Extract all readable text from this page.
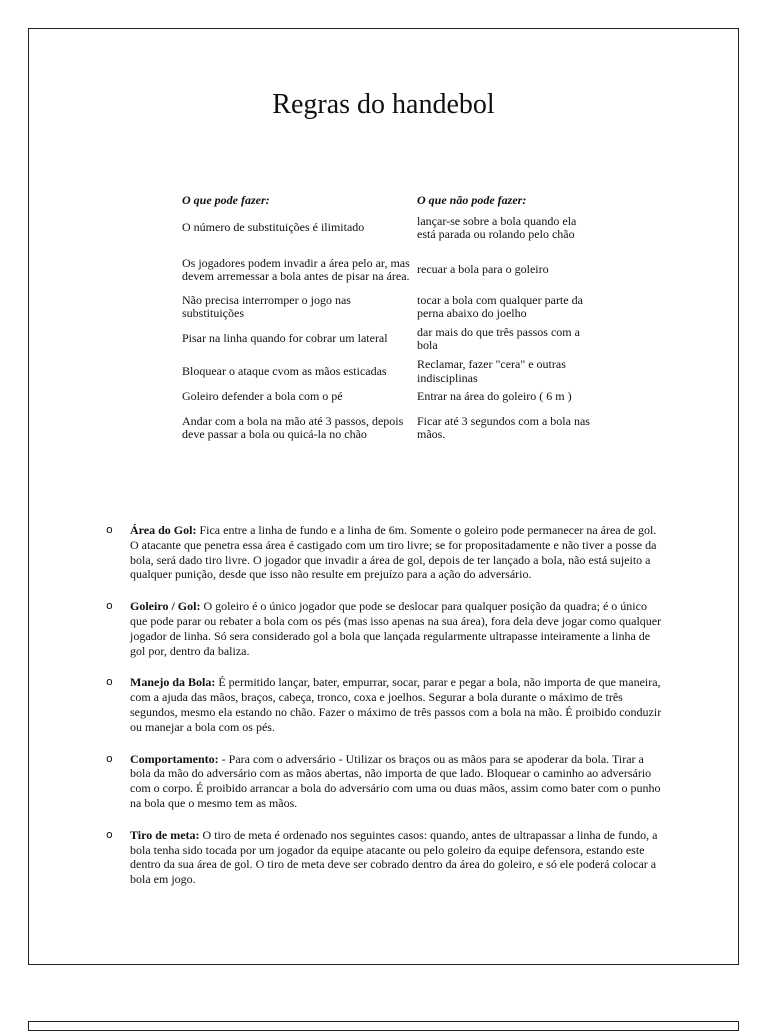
Regras do handebol
O que pode fazer:	O que não pode fazer:
O número de substituições é ilimitado	lançar-se sobre a bola quando ela está parada ou rolando pelo chão
Os jogadores podem invadir a área pelo ar, mas devem arremessar a bola antes de pisar na área.	recuar a bola para o goleiro
Não precisa interromper o jogo nas substituições	tocar a bola com qualquer parte da perna abaixo do joelho
Pisar na linha quando for cobrar um lateral	dar mais do que três passos com a bola
Bloquear o ataque cvom as mãos esticadas	Reclamar, fazer "cera" e outras indisciplinas
Goleiro defender a bola com o pé	Entrar na área do goleiro ( 6 m )
Andar com a bola na mão até 3 passos, depois deve passar a bola ou quicá-la no chão	Ficar até 3 segundos com a bola nas mãos.
o Área do Gol: Fica entre a linha de fundo e a linha de 6m. Somente o goleiro pode permanecer na área de gol. O atacante que penetra essa área é castigado com um tiro livre; se for propositadamente e não tiver a posse da bola, será dado tiro livre. O jogador que invadir a área de gol, depois de ter lançado a bola, não está sujeito a qualquer punição, desde que isso não resulte em prejuízo para a ação do adversário.
o Goleiro / Gol: O goleiro é o único jogador que pode se deslocar para qualquer posição da quadra; é o único que pode parar ou rebater a bola com os pés (mas isso apenas na sua área), fora dela deve jogar como qualquer jogador de linha. Só sera considerado gol a bola que lançada regularmente ultrapasse inteiramente a linha de gol por, dentro da baliza.
o Manejo da Bola: É permitido lançar, bater, empurrar, socar, parar e pegar a bola, não importa de que maneira, com a ajuda das mãos, braços, cabeça, tronco, coxa e joelhos. Segurar a bola durante o máximo de três segundos, mesmo ela estando no chão. Fazer o máximo de três passos com a bola na mão. É proibido conduzir ou manejar a bola com os pés.
o Comportamento: - Para com o adversário - Utilizar os braços ou as mãos para se apoderar da bola. Tirar a bola da mão do adversário com as mãos abertas, não importa de que lado. Bloquear o caminho ao adversário com o corpo. É proibido arrancar a bola do adversário com uma ou duas mãos, assim como bater com o punho na bola que o mesmo tem as mãos.
o Tiro de meta: O tiro de meta é ordenado nos seguintes casos: quando, antes de ultrapassar a linha de fundo, a bola tenha sido tocada por um jogador da equipe atacante ou pelo goleiro da equipe defensora, estando este dentro da sua área de gol. O tiro de meta deve ser cobrado dentro da área do goleiro, e só ele poderá colocar a bola em jogo.
